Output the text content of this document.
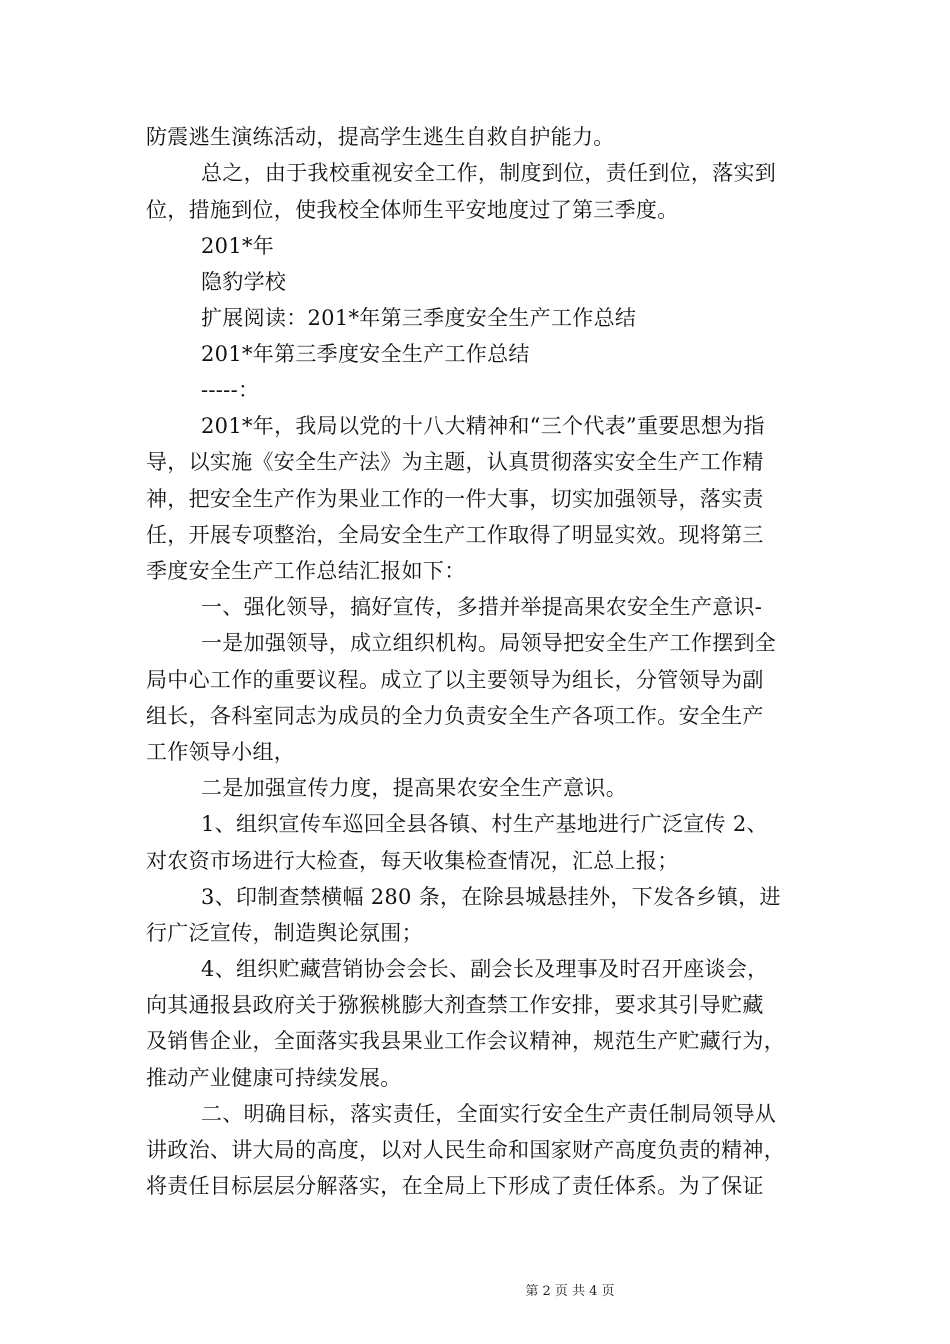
防震逃生演练活动，提高学生逃生自救自护能力。
总之，由于我校重视安全工作，制度到位，责任到位，落实到
位，措施到位，使我校全体师生平安地度过了第三季度。
201*年
隐豹学校
扩展阅读：201*年第三季度安全生产工作总结
201*年第三季度安全生产工作总结
-----：
201*年，我局以党的十八大精神和“三个代表”重要思想为指
导，以实施《安全生产法》为主题，认真贯彻落实安全生产工作精
神，把安全生产作为果业工作的一件大事，切实加强领导，落实责
任，开展专项整治，全局安全生产工作取得了明显实效。现将第三
季度安全生产工作总结汇报如下：
一、强化领导，搞好宣传，多措并举提高果农安全生产意识-
一是加强领导，成立组织机构。局领导把安全生产工作摆到全
局中心工作的重要议程。成立了以主要领导为组长，分管领导为副
组长，各科室同志为成员的全力负责安全生产各项工作。安全生产
工作领导小组，
二是加强宣传力度，提高果农安全生产意识。
1、组织宣传车巡回全县各镇、村生产基地进行广泛宣传 2、
对农资市场进行大检查，每天收集检查情况，汇总上报；
3、印制查禁横幅 280 条，在除县城悬挂外，下发各乡镇，进
行广泛宣传，制造舆论氛围；
4、组织贮藏营销协会会长、副会长及理事及时召开座谈会，
向其通报县政府关于猕猴桃膨大剂查禁工作安排，要求其引导贮藏
及销售企业，全面落实我县果业工作会议精神，规范生产贮藏行为，
推动产业健康可持续发展。
二、明确目标，落实责任，全面实行安全生产责任制局领导从
讲政治、讲大局的高度，以对人民生命和国家财产高度负责的精神，
将责任目标层层分解落实，在全局上下形成了责任体系。为了保证
第 2 页 共 4 页
